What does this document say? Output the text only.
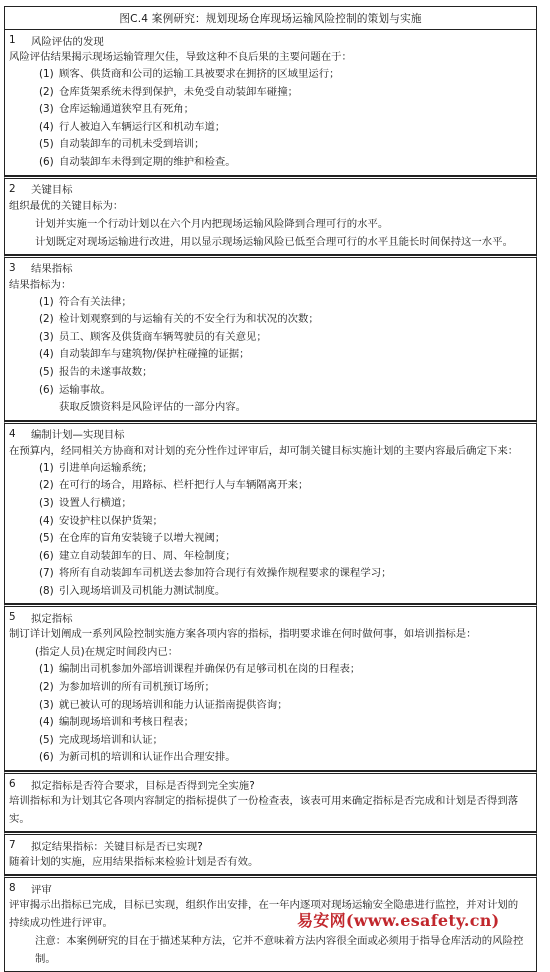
图C.4 案例研究：规划现场仓库现场运输风险控制的策划与实施
1	风险评估的发现
风险评估结果揭示现场运输管理欠佳，导致这种不良后果的主要问题在于：
(1) 顾客、供货商和公司的运输工具被要求在拥挤的区域里运行；
(2) 仓库货架系统未得到保护，未免受自动装卸车碰撞；
(3) 仓库运输通道狭窄且有死角；
(4) 行人被迫入车辆运行区和机动车道；
(5) 自动装卸车的司机未受到培训；
(6) 自动装卸车未得到定期的维护和检查。
2	关键目标
组织最优的关键目标为：
计划并实施一个行动计划以在六个月内把现场运输风险降到合理可行的水平。
计划既定对现场运输进行改进，用以显示现场运输风险已低至合理可行的水平且能长时间保持这一水平。
3	结果指标
结果指标为：
(1) 符合有关法律；
(2) 检计划观察到的与运输有关的不安全行为和状况的次数；
(3) 员工、顾客及供货商车辆驾驶员的有关意见；
(4) 自动装卸车与建筑物/保护柱碰撞的证据；
(5) 报告的未遂事故数；
(6) 运输事故。
获取反馈资料是风险评估的一部分内容。
4	编制计划—实现目标
在预算内，经同相关方协商和对计划的充分性作过评审后，却可制关键目标实施计划的主要内容最后确定下来：
(1) 引进单向运输系统；
(2) 在可行的场合，用路标、栏杆把行人与车辆隔离开来；
(3) 设置人行横道；
(4) 安设护柱以保护货架；
(5) 在仓库的盲角安装镜子以增大视阈；
(6) 建立自动装卸车的日、周、年检制度；
(7) 将所有自动装卸车司机送去参加符合现行有效操作规程要求的课程学习；
(8) 引入现场培训及司机能力测试制度。
5	拟定指标
制订详计划阐成一系列风险控制实施方案各项内容的指标，指明要求谁在何时做何事，如培训指标是：
(指定人员)在规定时间段内已：
(1) 编制出司机参加外部培训课程并确保仍有足够司机在岗的日程表；
(2) 为参加培训的所有司机预订场所；
(3) 就已被认可的现场培训和能力认证指南提供咨询；
(4) 编制现场培训和考核日程表；
(5) 完成现场培训和认证；
(6) 为新司机的培训和认证作出合理安排。
6	拟定指标是否符合要求，目标是否得到完全实施?
培训指标和为计划其它各项内容制定的指标提供了一份检查表，该表可用来确定指标是否完成和计划是否得到落实。
7	拟定结果指标：关键目标是否已实现?
随着计划的实施，应用结果指标来检验计划是否有效。
8	评审
评审揭示出指标已完成，目标已实现，组织作出安排，在一年内逐项对现场运输安全隐患进行监控，并对计划的持续成功性进行评审。
注意：本案例研究的目在于描述某种方法，它并不意味着方法内容很全面或必须用于指导仓库活动的风险控制。
易安网(www.esafety.cn)
